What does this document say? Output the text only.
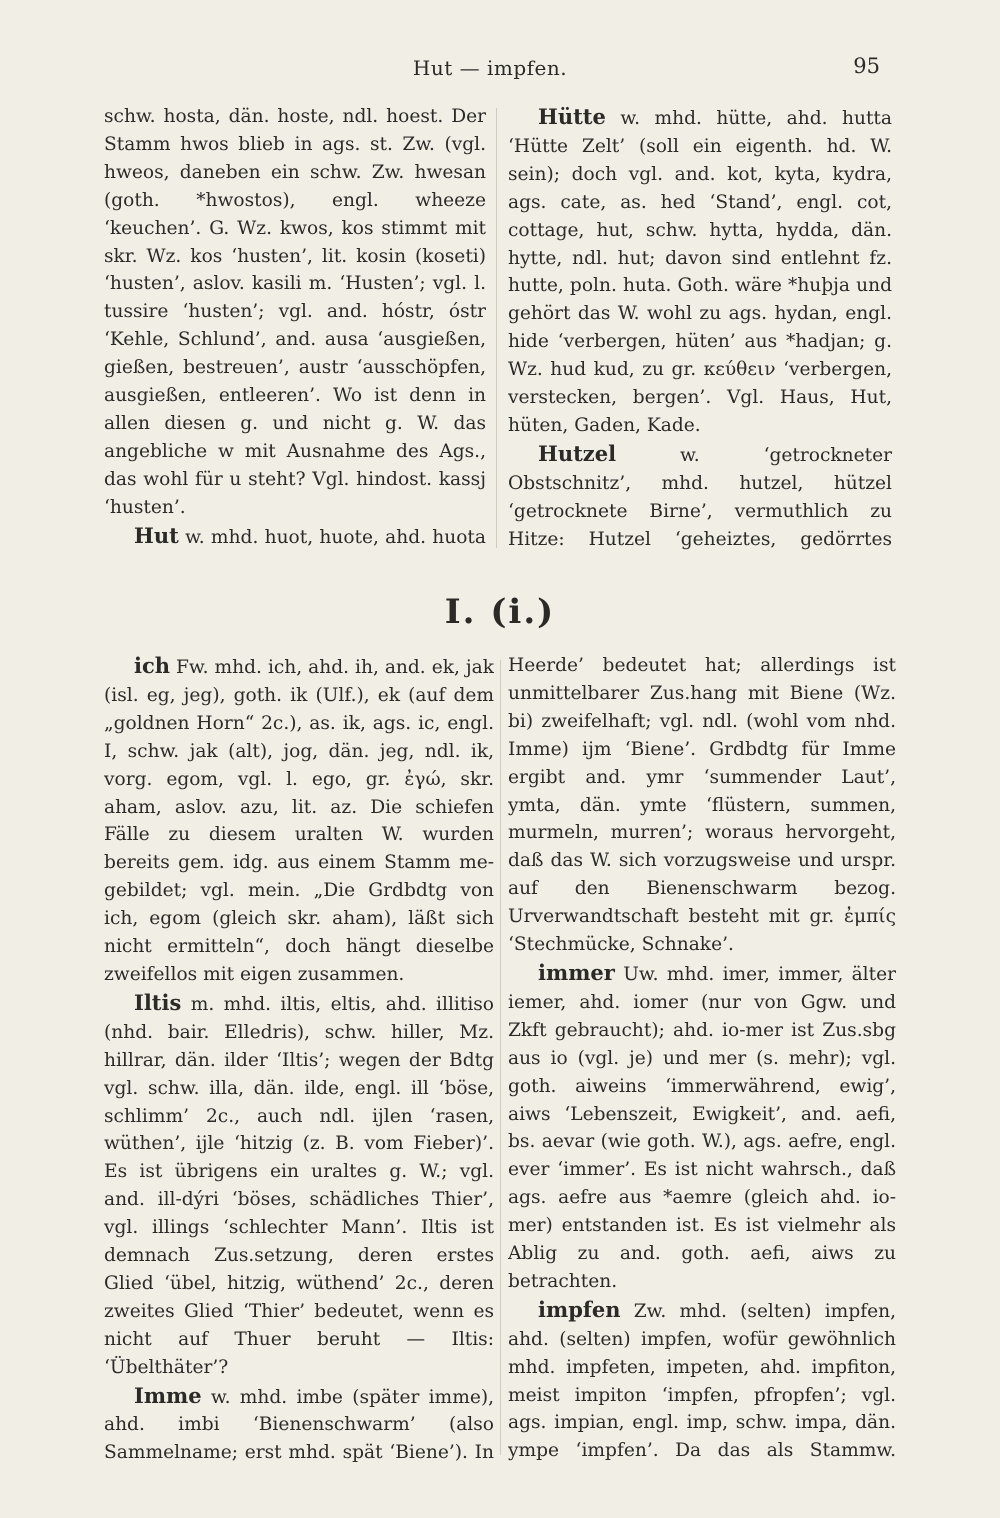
Hut — impfen.	95

schw. hosta, dän. hoste, ndl. hoest. Der Stamm hwos blieb in ags. st. Zw. (vgl. hweos, daneben ein schw. Zw. hwesan (goth. *hwostos), engl. wheeze ‘keuchen’. G. Wz. kwos, kos stimmt mit skr. Wz. kos ‘husten’, lit. kosin (koseti) ‘husten’, aslov. kasili m. ‘Husten’; vgl. l. tussire ‘husten’; vgl. and. hóstr, óstr ‘Kehle, Schlund’, and. ausa ‘ausgießen, gießen, bestreuen’, austr ‘ausschöpfen, ausgießen, entleeren’. Wo ist denn in allen diesen g. und nicht g. W. das angebliche w mit Ausnahme des Ags., das wohl für u steht? Vgl. hindost. kassj ‘husten’.

Hut w. mhd. huot, huote, ahd. huota

Hütte w. mhd. hütte, ahd. hutta ‘Hütte Zelt’ (soll ein eigenth. hd. W. sein); doch vgl. and. kot, kyta, kydra, ags. cate, as. hed ‘Stand’, engl. cot, cottage, hut, schw. hytta, hydda, dän. hytte, ndl. hut; davon sind entlehnt fz. hutte, poln. huta. Goth. wäre *huþja und gehört das W. wohl zu ags. hydan, engl. hide ‘verbergen, hüten’ aus *hadjan; g. Wz. hud kud, zu gr. κεύθειν ‘verbergen, verstecken, bergen’. Vgl. Haus, Hut, hüten, Gaden, Kade.

Hutzel	w. ‘getrockneter Obstschnitz’, mhd. hutzel, hützel ‘getrocknete Birne’, vermuthlich zu Hitze: Hutzel ‘geheiztes, gedörrtes

I. (i.)

ich Fw. mhd. ich, ahd. ih, and. ek, jak (isl. eg, jeg), goth. ik (Ulf.), ek (auf dem „goldnen Horn“ 2c.), as. ik, ags. ic, engl. I, schw. jak (alt), jog, dän. jeg, ndl. ik, vorg. egom, vgl. l. ego, gr. ἐγώ, skr. aham, aslov. azu, lit. az. Die schiefen Fälle zu diesem uralten W. wurden bereits gem. idg. aus einem Stamm me-gebildet; vgl. mein. „Die Grdbdtg von ich, egom (gleich skr. aham), läßt sich nicht ermitteln“, doch hängt dieselbe zweifellos mit eigen zusammen.

Iltis m. mhd. iltis, eltis, ahd. illitiso (nhd. bair. Elledris), schw. hiller, Mz. hillrar, dän. ilder ‘Iltis’; wegen der Bdtg vgl. schw. illa, dän. ilde, engl. ill ‘böse, schlimm’ 2c., auch ndl. ijlen ‘rasen, wüthen’, ijle ‘hitzig (z. B. vom Fieber)’. Es ist übrigens ein uraltes g. W.; vgl. and. ill-dýri ‘böses, schädliches Thier’, vgl. illings ‘schlechter Mann’. Iltis ist demnach Zus.setzung, deren erstes Glied ‘übel, hitzig, wüthend’ 2c., deren zweites Glied ‘Thier’ bedeutet, wenn es nicht auf Thuer beruht — Iltis: ‘Übelthäter’?

Imme w. mhd. imbe (später imme), ahd. imbi ‘Bienenschwarm’ (also Sammelname; erst mhd. spät ‘Biene’). In

Heerde’ bedeutet hat; allerdings ist unmittelbarer Zus.hang mit Biene (Wz. bi) zweifelhaft; vgl. ndl. (wohl vom nhd. Imme) ijm ‘Biene’. Grdbdtg für Imme ergibt and. ymr ‘summender Laut’, ymta, dän. ymte ‘flüstern, summen, murmeln, murren’; woraus hervorgeht, daß das W. sich vorzugsweise und urspr. auf den Bienenschwarm bezog. Urverwandtschaft besteht mit gr. ἐμπίς ‘Stechmücke, Schnake’.

immer Uw. mhd. imer, immer, älter iemer, ahd. iomer (nur von Ggw. und Zkft gebraucht); ahd. io-mer ist Zus.sbg aus io (vgl. je) und mer (s. mehr); vgl. goth. aiweins ‘immerwährend, ewig’, aiws ‘Lebenszeit, Ewigkeit’, and. aefi, bs. aevar (wie goth. W.), ags. aefre, engl. ever ‘immer’. Es ist nicht wahrsch., daß ags. aefre aus *aemre (gleich ahd. io-mer) entstanden ist. Es ist vielmehr als Ablig zu and. goth. aefi, aiws zu betrachten.

impfen Zw. mhd. (selten) impfen, ahd. (selten) impfen, wofür gewöhnlich mhd. impfeten, impeten, ahd. impfiton, meist impiton ‘impfen, pfropfen’; vgl. ags. impian, engl. imp, schw. impa, dän. ympe ‘impfen’. Da das als Stammw.
